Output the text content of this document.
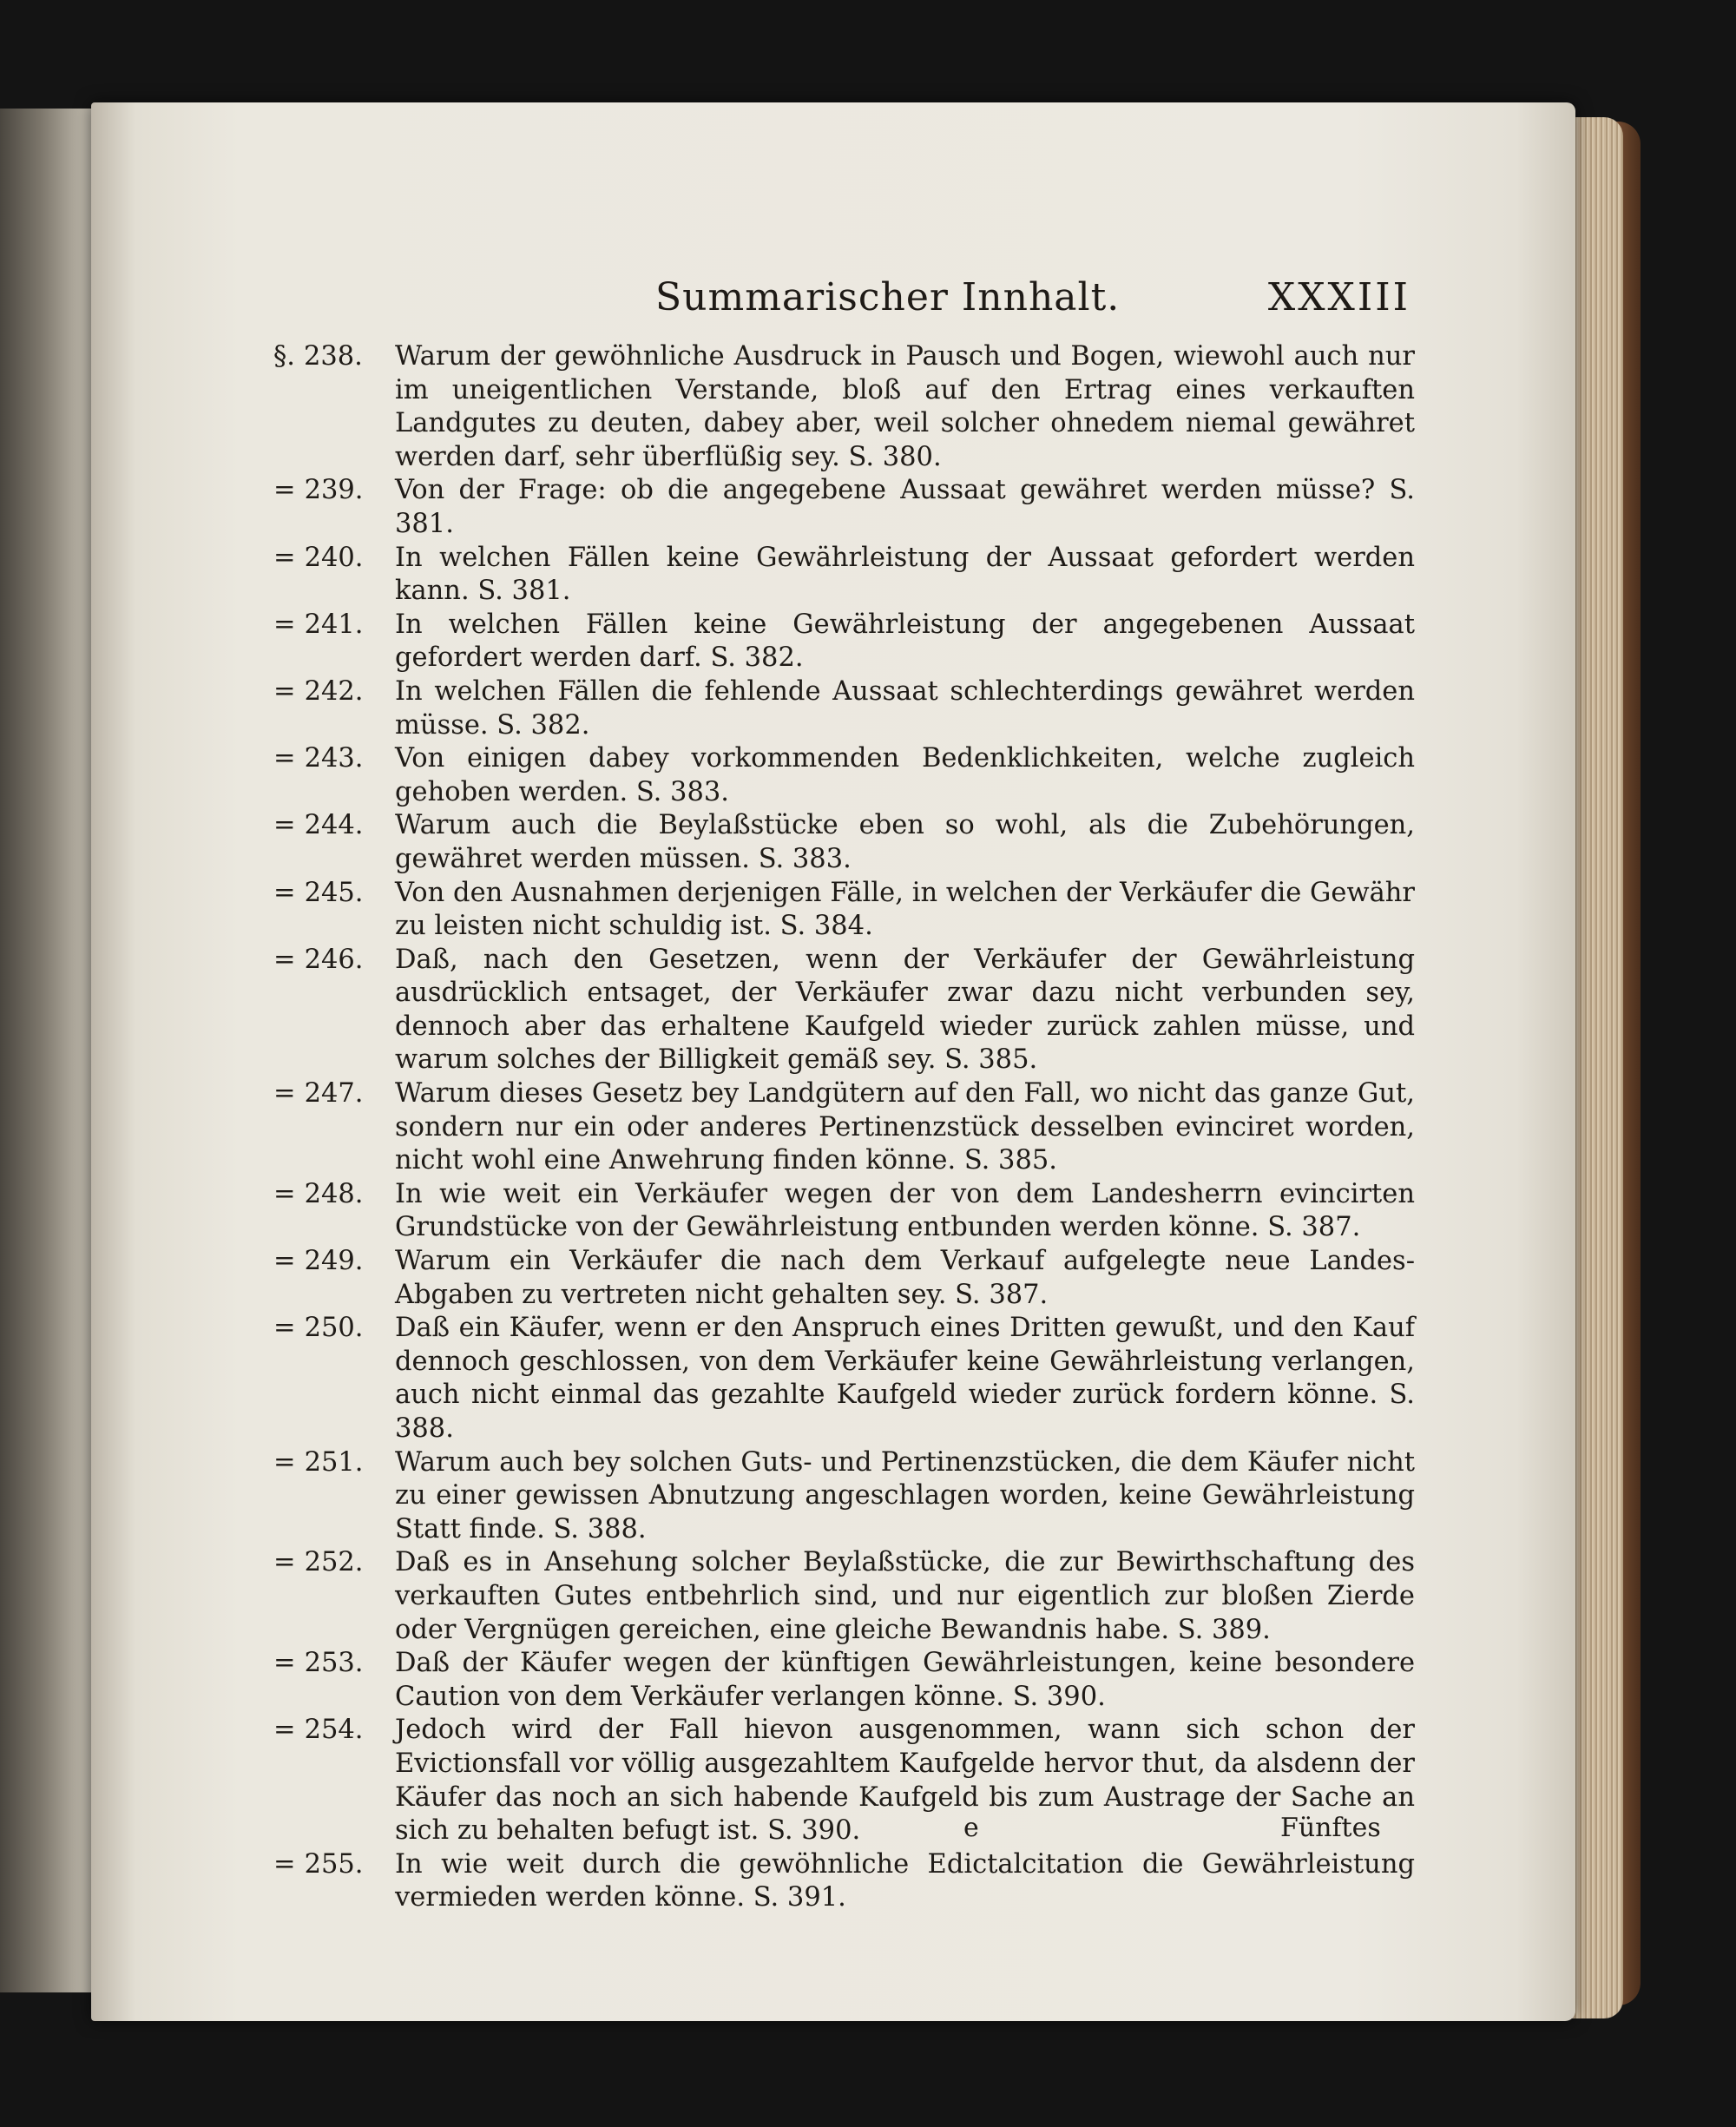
Summarischer Innhalt.	XXXIII
§. 238.	Warum der gewöhnliche Ausdruck in Pausch und Bogen, wiewohl auch nur im uneigentlichen Verstande, bloß auf den Ertrag eines verkauften Landgutes zu deuten, dabey aber, weil solcher ohnedem niemal gewähret werden darf, sehr überflüßig sey. S. 380.
= 239.	Von der Frage: ob die angegebene Aussaat gewähret werden müsse? S. 381.
= 240.	In welchen Fällen keine Gewährleistung der Aussaat gefordert werden kann. S. 381.
= 241.	In welchen Fällen keine Gewährleistung der angegebenen Aussaat gefordert werden darf. S. 382.
= 242.	In welchen Fällen die fehlende Aussaat schlechterdings gewähret werden müsse. S. 382.
= 243.	Von einigen dabey vorkommenden Bedenklichkeiten, welche zugleich gehoben werden. S. 383.
= 244.	Warum auch die Beylaßstücke eben so wohl, als die Zubehörungen, gewähret werden müssen. S. 383.
= 245.	Von den Ausnahmen derjenigen Fälle, in welchen der Verkäufer die Gewähr zu leisten nicht schuldig ist. S. 384.
= 246.	Daß, nach den Gesetzen, wenn der Verkäufer der Gewährleistung ausdrücklich entsaget, der Verkäufer zwar dazu nicht verbunden sey, dennoch aber das erhaltene Kaufgeld wieder zurück zahlen müsse, und warum solches der Billigkeit gemäß sey. S. 385.
= 247.	Warum dieses Gesetz bey Landgütern auf den Fall, wo nicht das ganze Gut, sondern nur ein oder anderes Pertinenzstück desselben evinciret worden, nicht wohl eine Anwehrung finden könne. S. 385.
= 248.	In wie weit ein Verkäufer wegen der von dem Landesherrn evincirten Grundstücke von der Gewährleistung entbunden werden könne. S. 387.
= 249.	Warum ein Verkäufer die nach dem Verkauf aufgelegte neue Landes-Abgaben zu vertreten nicht gehalten sey. S. 387.
= 250.	Daß ein Käufer, wenn er den Anspruch eines Dritten gewußt, und den Kauf dennoch geschlossen, von dem Verkäufer keine Gewährleistung verlangen, auch nicht einmal das gezahlte Kaufgeld wieder zurück fordern könne. S. 388.
= 251.	Warum auch bey solchen Guts- und Pertinenzstücken, die dem Käufer nicht zu einer gewissen Abnutzung angeschlagen worden, keine Gewährleistung Statt finde. S. 388.
= 252.	Daß es in Ansehung solcher Beylaßstücke, die zur Bewirthschaftung des verkauften Gutes entbehrlich sind, und nur eigentlich zur bloßen Zierde oder Vergnügen gereichen, eine gleiche Bewandnis habe. S. 389.
= 253.	Daß der Käufer wegen der künftigen Gewährleistungen, keine besondere Caution von dem Verkäufer verlangen könne. S. 390.
= 254.	Jedoch wird der Fall hievon ausgenommen, wann sich schon der Evictionsfall vor völlig ausgezahltem Kaufgelde hervor thut, da alsdenn der Käufer das noch an sich habende Kaufgeld bis zum Austrage der Sache an sich zu behalten befugt ist. S. 390.
= 255.	In wie weit durch die gewöhnliche Edictalcitation die Gewährleistung vermieden werden könne. S. 391.
e	Fünftes
